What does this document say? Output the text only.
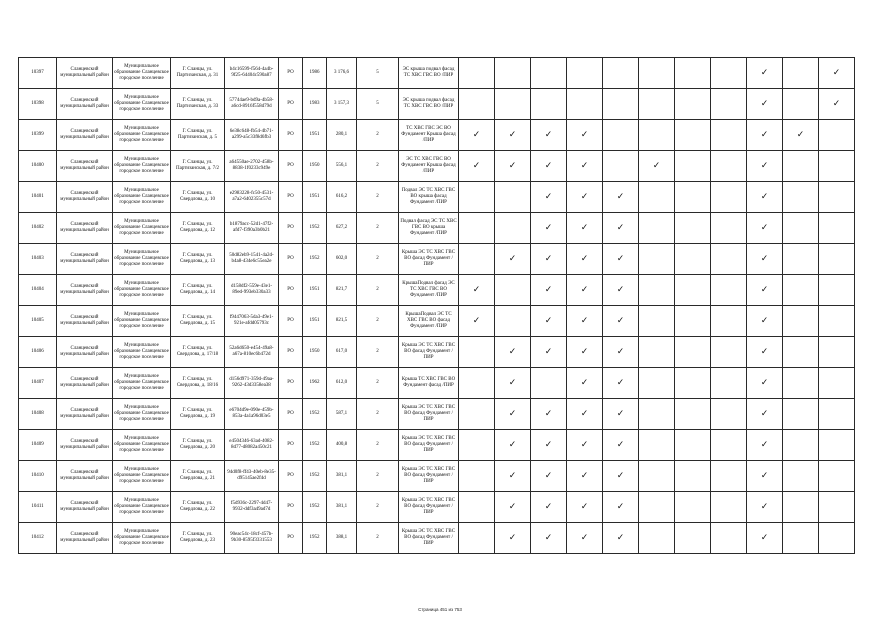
10397	Сланцевский муниципальный район	Муниципальное образование Сланцевское городское поселение	Г. Сланцы, ул. Партизанская, д. 31	b4c16599-f564-4a4b-9f25-64404c590a87	РО	1986	3 176,6	5	ЭС крыша подвал фасад ТС ХВС ГВС ВО /ПИР									✓		✓
10398	Сланцевский муниципальный район	Муниципальное образование Сланцевское городское поселение	Г. Сланцы, ул. Партизанская, д. 33	57744ae9-bd9a-4b58-a6cd-8916f558d79d	РО	1983	3 157,3	5	ЭС крыша подвал фасад ТС ХВС ГВС ВО /ПИР									✓		✓
10399	Сланцевский муниципальный район	Муниципальное образование Сланцевское городское поселение	Г. Сланцы, ул. Партизанская, д. 5	6e38c648-fb54-4b71-a299-a5c33f8d6fb3	РО	1951	280,1	2	ТС ХВС ГВС ЭС ВО Фундамент Крыша фасад /ПИР	✓	✓	✓	✓					✓	✓	
10400	Сланцевский муниципальный район	Муниципальное образование Сланцевское городское поселение	Г. Сланцы, ул. Партизанская, д. 7/2	a64550ae-2702-458b-8838-1f0233c949e	РО	1950	556,1	2	ЭС ТС ХВС ГВС ВО Фундамент Крыша фасад /ПИР	✓	✓	✓	✓		✓			✓		
10401	Сланцевский муниципальный район	Муниципальное образование Сланцевское городское поселение	Г. Сланцы, ул. Свердлова, д. 10	e2983228-fc50-4531-a7a2-6402355c57d	РО	1951	616,2	2	Подвал ЭС ТС ХВС ГВС ВО крыша фасад Фундамент /ПИР			✓	✓	✓				✓		
10402	Сланцевский муниципальный район	Муниципальное образование Сланцевское городское поселение	Г. Сланцы, ул. Свердлова, д. 12	b1879acc-52d1-47f2-afd7-f390a3b0b21	РО	1952	627,2	2	Подвал фасад ЭС ТС ХВС ГВС ВО крыша Фундамент /ПИР			✓	✓	✓				✓		
10403	Сланцевский муниципальный район	Муниципальное образование Сланцевское городское поселение	Г. Сланцы, ул. Свердлова, д. 13	50d82eb9-1541-4a2d-b4a8-434e6c55ea2e	РО	1952	602,0	2	Крыша ЭС ТС ХВС ГВС ВО фасад Фундамент /ПИР		✓	✓	✓	✓				✓		
10404	Сланцевский муниципальный район	Муниципальное образование Сланцевское городское поселение	Г. Сланцы, ул. Свердлова, д. 14	d158df2-559e-43e1-89ed-993eb330a33	РО	1951	821,7	2	КрышаПодвал фасад ЭС ТС ХВС ГВС ВО Фундамент /ПИР	✓		✓	✓	✓				✓		
10405	Сланцевский муниципальный район	Муниципальное образование Сланцевское городское поселение	Г. Сланцы, ул. Свердлова, д. 15	f9447063-5da3-49e1-921e-afdd05793c	РО	1951	821,5	2	КрышаПодвал ЭС ТС ХВС ГВС ВО фасад Фундамент /ПИР	✓		✓	✓	✓				✓		
10406	Сланцевский муниципальный район	Муниципальное образование Сланцевское городское поселение	Г. Сланцы, ул. Свердлова, д. 17/18	52a6d650-e454-49a8-a67a-810ec6b472d	РО	1950	617,0	2	Крыша ЭС ТС ХВС ГВС ВО фасад Фундамент /ПИР		✓	✓	✓	✓				✓		
10407	Сланцевский муниципальный район	Муниципальное образование Сланцевское городское поселение	Г. Сланцы, ул. Свердлова, д. 18/16	d156d971-359d-49aa-9262-43d3358ea38	РО	1962	612,0	2	Крыша ТС ХВС ГВС ВО Фундамент фасад /ПИР		✓		✓	✓				✓		
10408	Сланцевский муниципальный район	Муниципальное образование Сланцевское городское поселение	Г. Сланцы, ул. Свердлова, д. 19	e6704d9e-090e-459b-853a-4a1a96d03e5	РО	1952	587,1	2	Крыша ЭС ТС ХВС ГВС ВО фасад Фундамент /ПИР		✓	✓	✓	✓				✓		
10409	Сланцевский муниципальный район	Муниципальное образование Сланцевское городское поселение	Г. Сланцы, ул. Свердлова, д. 20	e4504346-63ad-4082-8d77-d8082a450c21	РО	1952	400,8	2	Крыша ЭС ТС ХВС ГВС ВО фасад Фундамент /ПИР		✓	✓	✓	✓				✓		
10410	Сланцевский муниципальный район	Муниципальное образование Сланцевское городское поселение	Г. Сланцы, ул. Свердлова, д. 21	94d0f8-ff43-40eb-8e35-d95145ae2f4d	РО	1952	381,1	2	Крыша ЭС ТС ХВС ГВС ВО фасад Фундамент /ПИР		✓	✓	✓	✓				✓		
10411	Сланцевский муниципальный район	Муниципальное образование Сланцевское городское поселение	Г. Сланцы, ул. Свердлова, д. 22	f5d936c-2297-4d47-9932-ddf3a49ad7d	РО	1952	381,1	2	Крыша ЭС ТС ХВС ГВС ВО фасад Фундамент /ПИР		✓	✓	✓	✓				✓		
10412	Сланцевский муниципальный район	Муниципальное образование Сланцевское городское поселение	Г. Сланцы, ул. Свердлова, д. 23	90eac54c-18cf-457b-9b30-8595f3331553	РО	1952	388,1	2	Крыша ЭС ТС ХВС ГВС ВО фасад Фундамент /ПИР		✓	✓	✓	✓				✓		
Страница 451 из 753
